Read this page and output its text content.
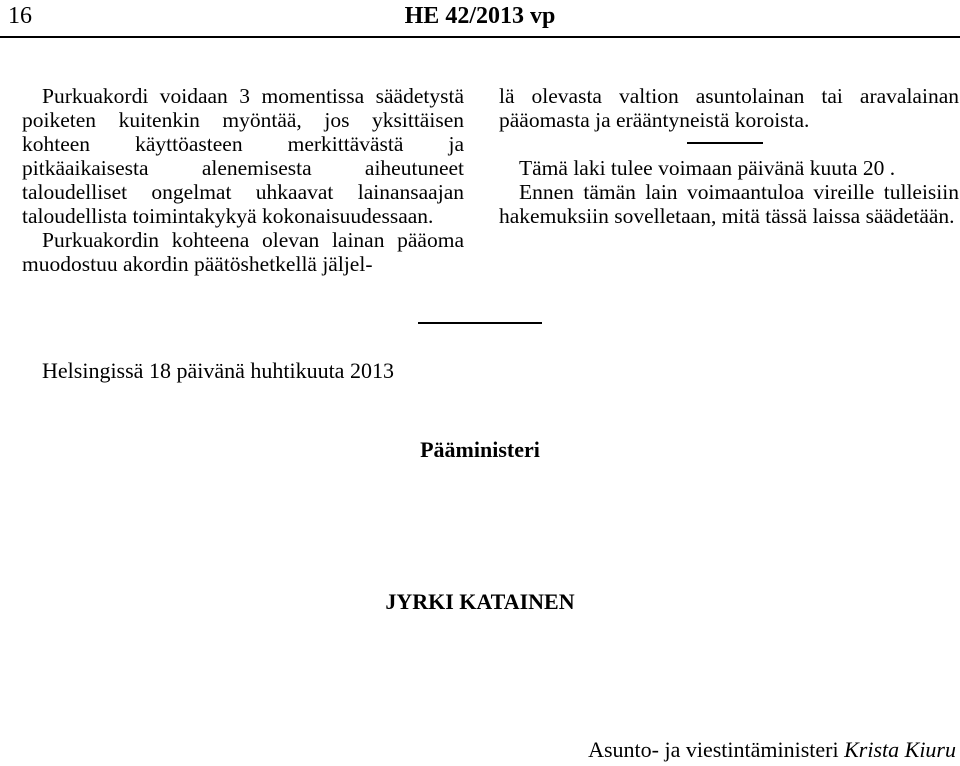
16	HE 42/2013 vp

Purkuakordi voidaan 3 momentissa säädetystä poiketen kuitenkin myöntää, jos yksittäisen kohteen käyttöasteen merkittävästä ja pitkäaikaisesta alenemisesta aiheutuneet taloudelliset ongelmat uhkaavat lainansaajan taloudellista toimintakykyä kokonaisuudessaan.

Purkuakordin kohteena olevan lainan pääoma muodostuu akordin päätöshetkellä jäljel-

lä olevasta valtion asuntolainan tai aravalainan pääomasta ja erääntyneistä koroista.

Tämä laki tulee voimaan päivänä kuuta 20 .

Ennen tämän lain voimaantuloa vireille tulleisiin hakemuksiin sovelletaan, mitä tässä laissa säädetään.

Helsingissä 18 päivänä huhtikuuta 2013
Pääministeri
JYRKI KATAINEN
Asunto- ja viestintäministeri Krista Kiuru
